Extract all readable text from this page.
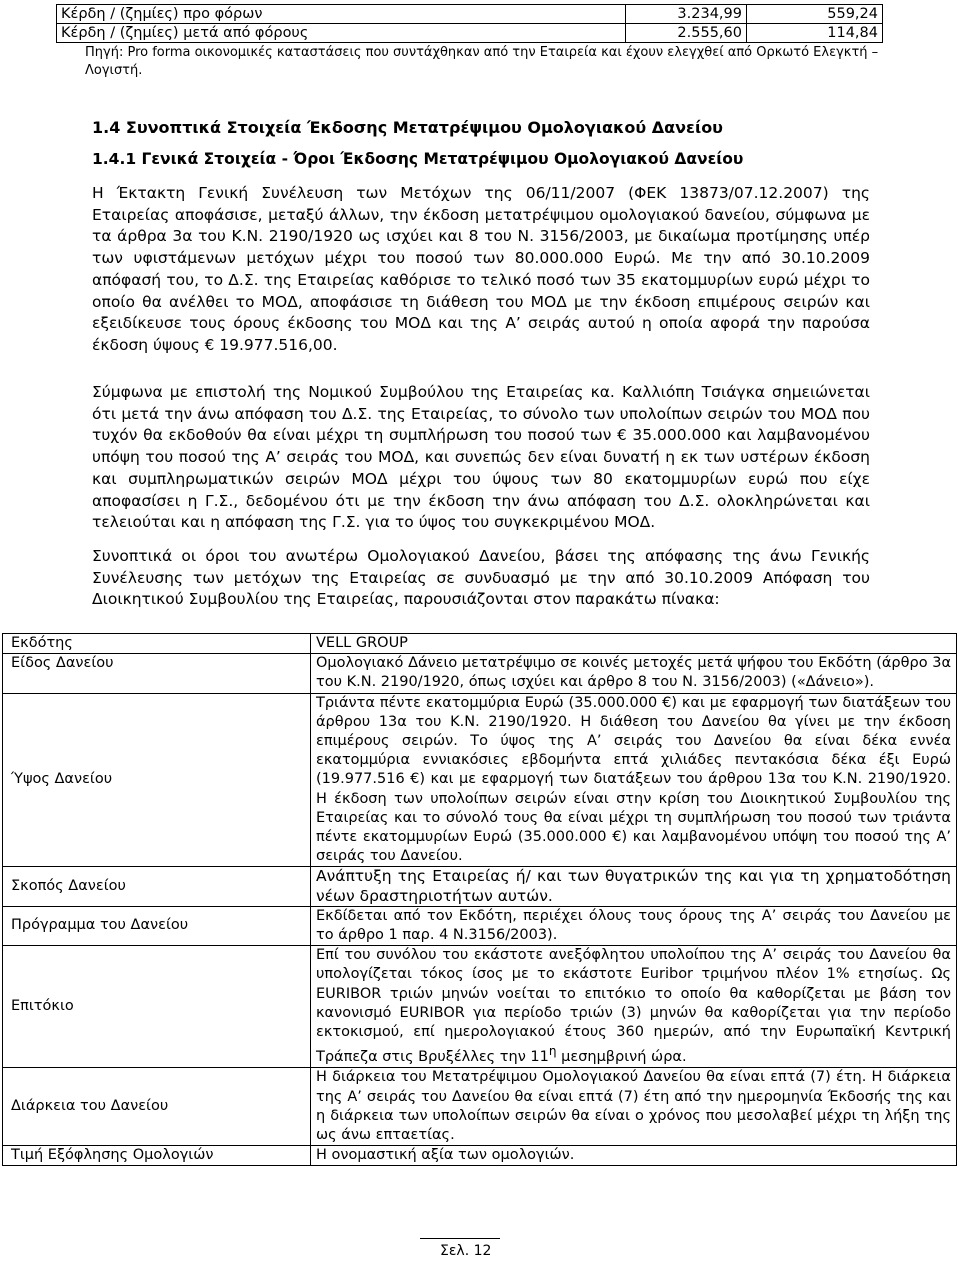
Κέρδη / (ζημίες) προ φόρων	3.234,99	559,24
Κέρδη / (ζημίες) μετά από φόρους	2.555,60	114,84
Πηγή: Pro forma οικονομικές καταστάσεις που συντάχθηκαν από την Εταιρεία και έχουν ελεγχθεί από Ορκωτό Ελεγκτή – Λογιστή.
1.4 Συνοπτικά Στοιχεία Έκδοσης Μετατρέψιμου Ομολογιακού Δανείου
1.4.1 Γενικά Στοιχεία - Όροι Έκδοσης Μετατρέψιμου Ομολογιακού Δανείου
Η Έκτακτη Γενική Συνέλευση των Μετόχων της 06/11/2007 (ΦΕΚ 13873/07.12.2007) της Εταιρείας αποφάσισε, μεταξύ άλλων, την έκδοση μετατρέψιμου ομολογιακού δανείου, σύμφωνα με τα άρθρα 3α του Κ.Ν. 2190/1920 ως ισχύει και 8 του Ν. 3156/2003, με δικαίωμα προτίμησης υπέρ των υφιστάμενων μετόχων μέχρι του ποσού των 80.000.000 Ευρώ. Με την από 30.10.2009 απόφασή του, το Δ.Σ. της Εταιρείας καθόρισε το τελικό ποσό των 35 εκατομμυρίων ευρώ μέχρι το οποίο θα ανέλθει το ΜΟΔ, αποφάσισε τη διάθεση του ΜΟΔ με την έκδοση επιμέρους σειρών και εξειδίκευσε τους όρους έκδοσης του ΜΟΔ και της Α’ σειράς αυτού η οποία αφορά την παρούσα έκδοση ύψους € 19.977.516,00.
Σύμφωνα με επιστολή της Νομικού Συμβούλου της Εταιρείας κα. Καλλιόπη Τσιάγκα σημειώνεται ότι μετά την άνω απόφαση του Δ.Σ. της Εταιρείας, το σύνολο των υπολοίπων σειρών του ΜΟΔ που τυχόν θα εκδοθούν θα είναι μέχρι τη συμπλήρωση του ποσού των € 35.000.000 και λαμβανομένου υπόψη του ποσού της Α’ σειράς του ΜΟΔ, και συνεπώς δεν είναι δυνατή η εκ των υστέρων έκδοση και συμπληρωματικών σειρών ΜΟΔ μέχρι του ύψους των 80 εκατομμυρίων ευρώ που είχε αποφασίσει η Γ.Σ., δεδομένου ότι με την έκδοση την άνω απόφαση του Δ.Σ. ολοκληρώνεται και τελειούται και η απόφαση της Γ.Σ. για το ύψος του συγκεκριμένου ΜΟΔ.
Συνοπτικά οι όροι του ανωτέρω Ομολογιακού Δανείου, βάσει της απόφασης της άνω Γενικής Συνέλευσης των μετόχων της Εταιρείας σε συνδυασμό με την από 30.10.2009 Απόφαση του Διοικητικού Συμβουλίου της Εταιρείας, παρουσιάζονται στον παρακάτω πίνακα:
Εκδότης	VELL GROUP
Είδος Δανείου	Ομολογιακό Δάνειο μετατρέψιμο σε κοινές μετοχές μετά ψήφου του Εκδότη (άρθρο 3α του Κ.Ν. 2190/1920, όπως ισχύει και άρθρο 8 του Ν. 3156/2003) («Δάνειο»).
Ύψος Δανείου	Τριάντα πέντε εκατομμύρια Ευρώ (35.000.000 €) και με εφαρμογή των διατάξεων του άρθρου 13α του Κ.Ν. 2190/1920. Η διάθεση του Δανείου θα γίνει με την έκδοση επιμέρους σειρών. Το ύψος της Α’ σειράς του Δανείου θα είναι δέκα εννέα εκατομμύρια εννιακόσιες εβδομήντα επτά χιλιάδες πεντακόσια δέκα έξι Ευρώ (19.977.516 €) και με εφαρμογή των διατάξεων του άρθρου 13α του Κ.Ν. 2190/1920. Η έκδοση των υπολοίπων σειρών είναι στην κρίση του Διοικητικού Συμβουλίου της Εταιρείας και το σύνολό τους θα είναι μέχρι τη συμπλήρωση του ποσού των τριάντα πέντε εκατομμυρίων Ευρώ (35.000.000 €) και λαμβανομένου υπόψη του ποσού της Α’ σειράς του Δανείου.
Σκοπός Δανείου	Ανάπτυξη της Εταιρείας ή/ και των θυγατρικών της και για τη χρηματοδότηση νέων δραστηριοτήτων αυτών.
Πρόγραμμα του Δανείου	Εκδίδεται από τον Εκδότη, περιέχει όλους τους όρους της Α’ σειράς του Δανείου με το άρθρο 1 παρ. 4 Ν.3156/2003).
Επιτόκιο	Επί του συνόλου του εκάστοτε ανεξόφλητου υπολοίπου της Α’ σειράς του Δανείου θα υπολογίζεται τόκος ίσος με το εκάστοτε Euribor τριμήνου πλέον 1% ετησίως. Ως EURIBOR τριών μηνών νοείται το επιτόκιο το οποίο θα καθορίζεται με βάση τον κανονισμό EURIBOR για περίοδο τριών (3) μηνών θα καθορίζεται για την περίοδο εκτοκισμού, επί ημερολογιακού έτους 360 ημερών, από την Ευρωπαϊκή Κεντρική Τράπεζα στις Βρυξέλλες την $11^\eta$ μεσημβρινή ώρα.
Διάρκεια του Δανείου	Η διάρκεια του Μετατρέψιμου Ομολογιακού Δανείου θα είναι επτά (7) έτη. Η διάρκεια της Α’ σειράς του Δανείου θα είναι επτά (7) έτη από την ημερομηνία Έκδοσής της και η διάρκεια των υπολοίπων σειρών θα είναι ο χρόνος που μεσολαβεί μέχρι τη λήξη της ως άνω επταετίας.
Τιμή Εξόφλησης Ομολογιών	Η ονομαστική αξία των ομολογιών.
Σελ. 12
